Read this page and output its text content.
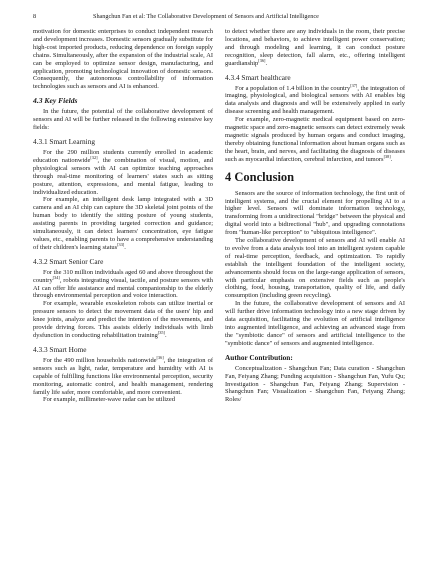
8	Shangchun Fan et al: The Collaborative Development of Sensors and Artificial Intelligence

motivation for domestic enterprises to conduct independent research and development increases. Domestic sensors gradually substitute for high-cost imported products, reducing dependence on foreign supply chains. Simultaneously, after the expansion of the industrial scale, AI can be employed to optimize sensor design, manufacturing, and application, promoting technological innovation of domestic sensors. Consequently, the autonomous controllability of information technologies such as sensors and AI is enhanced.

4.3 Key Fields

In the future, the potential of the collaborative development of sensors and AI will be further released in the following extensive key fields:

4.3.1 Smart Learning

For the 290 million students currently enrolled in academic education nationwide[32], the combination of visual, motion, and physiological sensors with AI can optimize teaching approaches through real-time monitoring of learners' states such as sitting posture, attention, expressions, and mental fatigue, leading to individualized education.

For example, an intelligent desk lamp integrated with a 3D camera and an AI chip can capture the 3D skeletal joint points of the human body to identify the sitting posture of young students, assisting parents in providing targeted correction and guidance; simultaneously, it can detect learners' concentration, eye fatigue values, etc., enabling parents to have a comprehensive understanding of their children's learning status[33].

4.3.2 Smart Senior Care

For the 310 million individuals aged 60 and above throughout the country[34], robots integrating visual, tactile, and posture sensors with AI can offer life assistance and mental companionship to the elderly through environmental perception and voice interaction.

For example, wearable exoskeleton robots can utilize inertial or pressure sensors to detect the movement data of the users' hip and knee joints, analyze and predict the intention of the movements, and provide driving forces. This assists elderly individuals with limb dysfunction in conducting rehabilitation training[35].

4.3.3 Smart Home

For the 490 million households nationwide[36], the integration of sensors such as light, radar, temperature and humidity with AI is capable of fulfilling functions like environmental perception, security monitoring, automatic control, and health management, rendering family life safer, more comfortable, and more convenient.

For example, millimeter-wave radar can be utilized

to detect whether there are any individuals in the room, their precise locations, and behaviors, to achieve intelligent power conservation; and through modeling and learning, it can conduct posture recognition, sleep detection, fall alarm, etc., offering intelligent guardianship[36].

4.3.4 Smart healthcare

For a population of 1.4 billion in the country[37], the integration of imaging, physiological, and biological sensors with AI enables big data analysis and diagnosis and will be extensively applied in early disease screening and health management.

For example, zero-magnetic medical equipment based on zero-magnetic space and zero-magnetic sensors can detect extremely weak magnetic signals produced by human organs and conduct imaging, thereby obtaining functional information about human organs such as the heart, brain, and nerves, and facilitating the diagnosis of diseases such as myocardial infarction, cerebral infarction, and tumors[38].

4 Conclusion

Sensors are the source of information technology, the first unit of intelligent systems, and the crucial element for propelling AI to a higher level. Sensors will dominate information technology, transforming from a unidirectional "bridge" between the physical and digital world into a bidirectional "hub", and upgrading connotations from "human-like perception" to "ubiquitous intelligence".

The collaborative development of sensors and AI will enable AI to evolve from a data analysis tool into an intelligent system capable of real-time perception, feedback, and optimization. To rapidly establish the intelligent foundation of the intelligent society, advancements should focus on the large-range application of sensors, with particular emphasis on extensive fields such as people's clothing, food, housing, transportation, quality of life, and daily consumption (including green recycling).

In the future, the collaborative development of sensors and AI will further drive information technology into a new stage driven by data acquisition, facilitating the evolution of artificial intelligence into augmented intelligence, and achieving an advanced stage from the "symbiotic dance" of sensors and artificial intelligence to the "symbiotic dance" of sensors and augmented intelligence.

Author Contribution:

Conceptualization - Shangchun Fan; Data curation - Shangchun Fan, Feiyang Zhang; Funding acquisition - Shangchun Fan, Yufu Qu; Investigation - Shangchun Fan, Feiyang Zhang; Supervision - Shangchun Fan; Visualization - Shangchun Fan, Feiyang Zhang; Roles/
